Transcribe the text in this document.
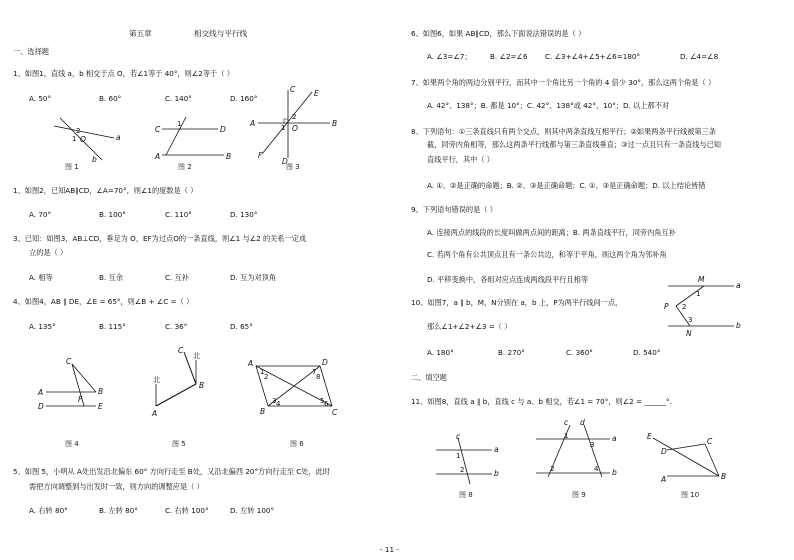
第五章	相交线与平行线
一、选择题
1、如图1，直线 a，b 相交于点 O，若∠1等于 40°，则∠2等于（ ）
A. 50°	B. 60°	C. 140°	D. 160°
2
1 O	a
b
图 1
C	D
A	B
1
图 2
A	B
C	E
F
D
O
1
2
图 3
1、如图2，已知AB∥CD，∠A=70°，则∠1的度数是（ ）
A. 70°	B. 100°	C. 110°	D. 130°
3、已知：如图3，AB⊥CD，垂足为 O，EF为过点O的一条直线，则∠1 与∠2 的关系一定成
立的是（ ）
A. 相等	B. 互余	C. 互补	D. 互为对顶角
4、如图4，AB ∥ DE，∠E = 65°，则∠B + ∠C =（ ）
A. 135°	B. 115°	C. 36°	D. 65°
C
A	B
D	E
F
图 4
北
北
C
B
A
图 5
A	D
B	C
1
2
7
8
3 4	5 6
图 6
5、如图 5，小明从 A处出发沿北偏东 60° 方向行走至 B处，又沿北偏西 20°方向行走至 C处，此时
需把方向调整到与出发时一致，则方向的调整应是（ ）
A. 右转 80°	B. 左转 80°	C. 右转 100°	D. 左转 100°
6、如图6，如果 AB∥CD，那么下面说法错误的是（ ）
A. ∠3=∠7；	B. ∠2=∠6 C. ∠3+∠4+∠5+∠6=180°	D. ∠4=∠8
7、如果两个角的两边分别平行，而其中一个角比另一个角的 4 倍少 30°，那么这两个角是（ ）
A. 42°、138°；B. 都是 10°；C. 42°、138°或 42°、10°；D. 以上都不对
8、下列语句：①三条直线只有两个交点，则其中两条直线互相平行；②如果两条平行线被第三条
截，同旁内角相等，那么这两条平行线都与第三条直线垂直；③过一点且只有一条直线与已知
直线平行，其中（ ）
A. ①、②是正确的命题；B. ②、③是正确命题；C. ①、③是正确命题；D. 以上结论皆错
9、下列语句错误的是（ ）
A. 连接两点的线段的长度叫做两点间的距离；B. 两条直线平行，同旁内角互补
C. 若两个角有公共顶点且有一条公共边，和等于平角，则这两个角为邻补角
D. 平移变换中，各组对应点连成两线段平行且相等
10、如图7，a ∥ b，M，N分别在 a，b 上，P为两平行线间一点，
那么∠1+∠2+∠3 =（ ）
M
a
b
P
N
1
2
3
A. 180°	B. 270°	C. 360°	D. 540°
二、填空题
11、如图8，直线 a ∥ b，直线 c 与 a、b 相交，若∠1 = 70°，则∠2 = ______°.
c
a
b
1
2
图 8
c d
a
b
1
3
2	4
图 9
E
D
C
A	B
图 10
- 11 -
